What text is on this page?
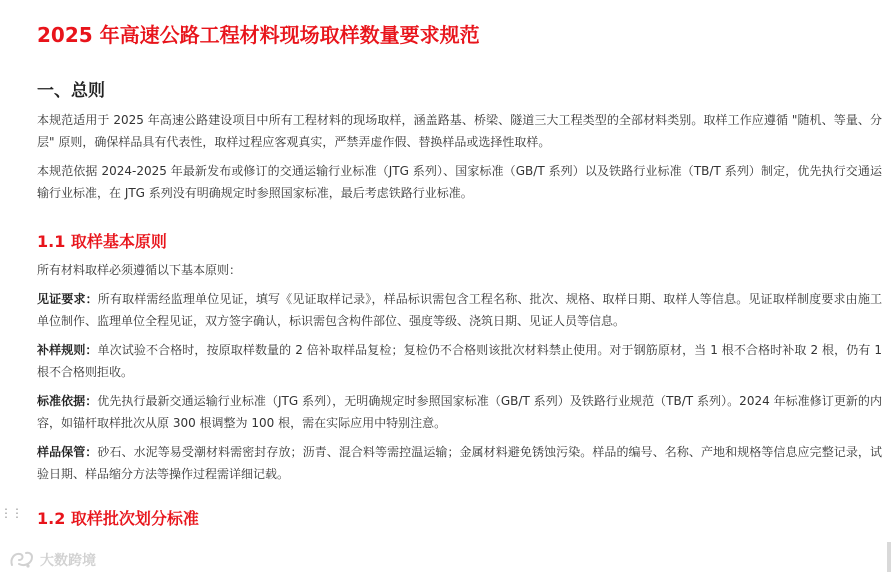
2025 年高速公路工程材料现场取样数量要求规范
一、总则

本规范适用于 2025 年高速公路建设项目中所有工程材料的现场取样，涵盖路基、桥梁、隧道三大工程类型的全部材料类别。取样工作应遵循 "随机、等量、分层" 原则，确保样品具有代表性，取样过程应客观真实，严禁弄虚作假、替换样品或选择性取样。

本规范依据 2024-2025 年最新发布或修订的交通运输行业标准（JTG 系列）、国家标准（GB/T 系列）以及铁路行业标准（TB/T 系列）制定，优先执行交通运输行业标准，在 JTG 系列没有明确规定时参照国家标准，最后考虑铁路行业标准。

1.1 取样基本原则

所有材料取样必须遵循以下基本原则：

见证要求：所有取样需经监理单位见证，填写《见证取样记录》，样品标识需包含工程名称、批次、规格、取样日期、取样人等信息。见证取样制度要求由施工单位制作、监理单位全程见证，双方签字确认，标识需包含构件部位、强度等级、浇筑日期、见证人员等信息。

补样规则：单次试验不合格时，按原取样数量的 2 倍补取样品复检；复检仍不合格则该批次材料禁止使用。对于钢筋原材，当 1 根不合格时补取 2 根，仍有 1 根不合格则拒收。

标准依据：优先执行最新交通运输行业标准（JTG 系列），无明确规定时参照国家标准（GB/T 系列）及铁路行业规范（TB/T 系列）。2024 年标准修订更新的内容，如锚杆取样批次从原 300 根调整为 100 根，需在实际应用中特别注意。

样品保管：砂石、水泥等易受潮材料需密封存放；沥青、混合料等需控温运输；金属材料避免锈蚀污染。样品的编号、名称、产地和规格等信息应完整记录，试验日期、样品缩分方法等操作过程需详细记载。

1.2 取样批次划分标准
⋮⋮
大数跨境
